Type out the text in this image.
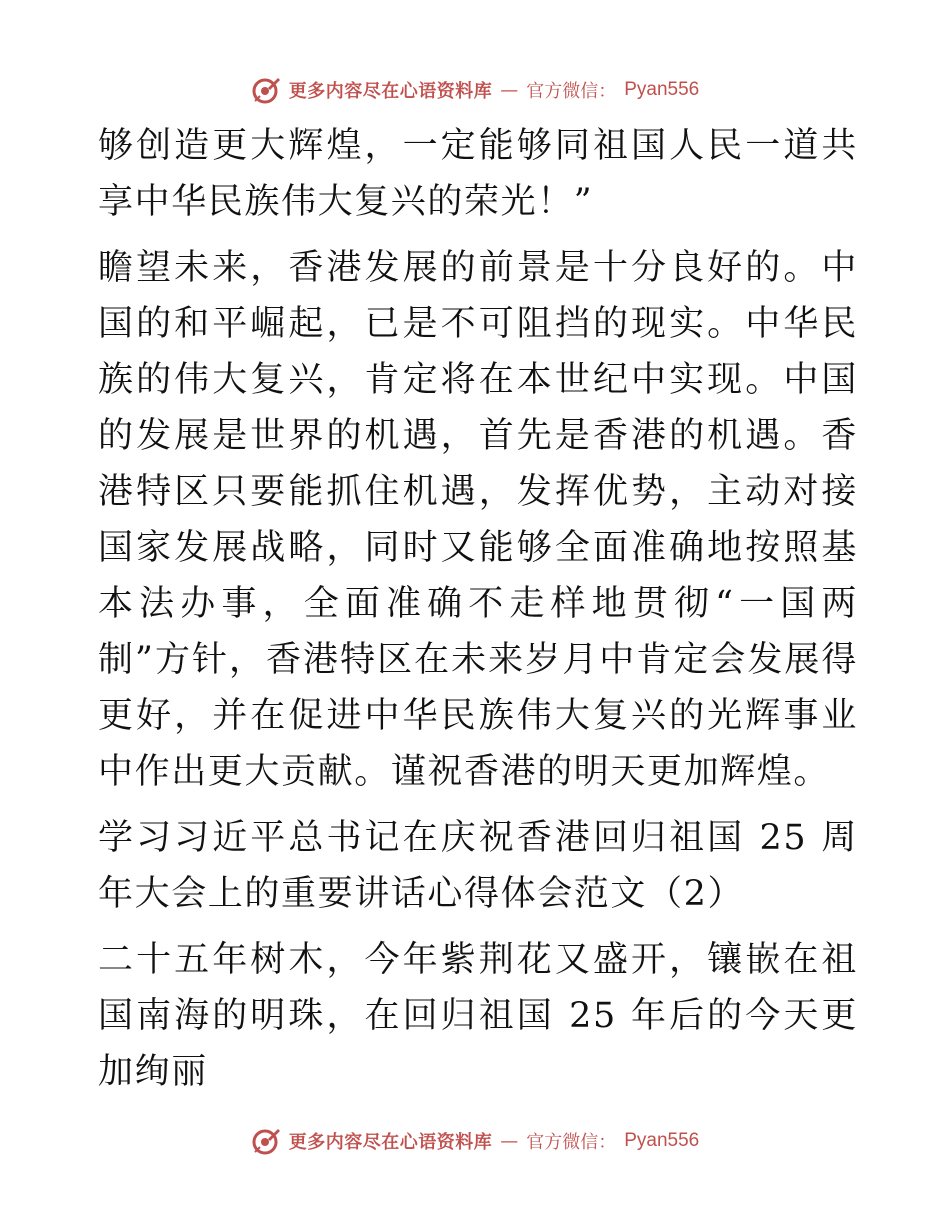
更多内容尽在心语资料库 — 官方微信： Pyan556

够创造更大辉煌，一定能够同祖国人民一道共享中华民族伟大复兴的荣光！”

瞻望未来，香港发展的前景是十分良好的。中国的和平崛起，已是不可阻挡的现实。中华民族的伟大复兴，肯定将在本世纪中实现。中国的发展是世界的机遇，首先是香港的机遇。香港特区只要能抓住机遇，发挥优势，主动对接国家发展战略，同时又能够全面准确地按照基本法办事，全面准确不走样地贯彻“一国两制”方针，香港特区在未来岁月中肯定会发展得更好，并在促进中华民族伟大复兴的光辉事业中作出更大贡献。谨祝香港的明天更加辉煌。

学习习近平总书记在庆祝香港回归祖国 25 周年大会上的重要讲话心得体会范文（2）

二十五年树木，今年紫荆花又盛开，镶嵌在祖国南海的明珠，在回归祖国 25 年后的今天更加绚丽

更多内容尽在心语资料库 — 官方微信： Pyan556
